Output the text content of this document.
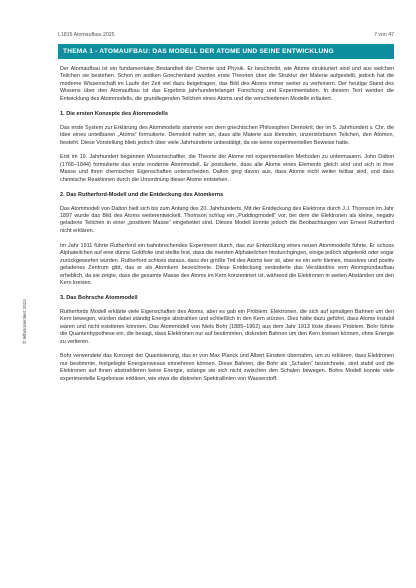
L1815 Atomaufbau 2025	7 von 47
THEMA 1 - ATOMAUFBAU: DAS MODELL DER ATOME UND SEINE ENTWICKLUNG
© lelbstorientiert 2024

Der Atomaufbau ist ein fundamentaler Bestandteil der Chemie und Physik. Er beschreibt, wie Atome strukturiert sind und aus welchen Teilchen sie bestehen. Schon im antiken Griechenland wurden erste Theorien über die Struktur der Materie aufgestellt, jedoch hat die moderne Wissenschaft im Laufe der Zeit viel dazu beigetragen, das Bild des Atoms immer weiter zu verfeinern. Der heutige Stand des Wissens über den Atomaufbau ist das Ergebnis jahrhundertelanger Forschung und Experimentation. In diesem Text werden die Entwicklung des Atommodells, die grundlegenden Teilchen eines Atoms und die verschiedenen Modelle erläutert.

1. Die ersten Konzepte des Atommodells

Das erste System zur Erklärung des Atommodells stammte von dem griechischen Philosophen Demokrit, der im 5. Jahrhundert v. Chr. die Idee eines unteilbaren „Atoms“ formulierte. Demokrit nahm an, dass alle Materie aus kleinsten, unzerstörbaren Teilchen, den Atomen, besteht. Diese Vorstellung blieb jedoch über viele Jahrhunderte unbestätigt, da sie keine experimentellen Beweise hatte.

Erst im 19. Jahrhundert begannen Wissenschaftler, die Theorie der Atome mit experimentellen Methoden zu untermauern. John Dalton (1766–1844) formulierte das erste moderne Atommodell. Er postulierte, dass alle Atome eines Elements gleich sind und sich in ihrer Masse und ihren chemischen Eigenschaften unterscheiden. Dalton ging davon aus, dass Atome nicht weiter teilbar sind, und dass chemische Reaktionen durch die Umordnung dieser Atome entstehen.

2. Das Rutherford-Modell und die Entdeckung des Atomkerns

Das Atommodell von Dalton hielt sich bis zum Anfang des 20. Jahrhunderts. Mit der Entdeckung des Elektrons durch J.J. Thomson im Jahr 1897 wurde das Bild des Atoms weiterentwickelt. Thomson schlug ein „Puddingmodell“ vor, bei dem die Elektronen als kleine, negativ geladene Teilchen in einer „positiven Masse“ eingebettet sind. Dieses Modell konnte jedoch die Beobachtungen von Ernest Rutherford nicht erklären.

Im Jahr 1911 führte Rutherford ein bahnbrechendes Experiment durch, das zur Entwicklung eines neuen Atommodells führte. Er schoss Alphateilchen auf eine dünne Goldfolie und stellte fest, dass die meisten Alphateilchen hindurchgingen, einige jedoch abgelenkt oder sogar zurückgeworfen wurden. Rutherford schloss daraus, dass der größte Teil des Atoms leer ist, aber es ein sehr kleines, massives und positiv geladenes Zentrum gibt, das er als Atomkern bezeichnete. Diese Entdeckung veränderte das Verständnis vom Atomgrundaufbau erheblich, da sie zeigte, dass die gesamte Masse des Atoms im Kern konzentriert ist, während die Elektronen in weiten Abständen um den Kern kreisen.

3. Das Bohrsche Atommodell

Rutherfords Modell erklärte viele Eigenschaften des Atoms, aber es gab ein Problem: Elektronen, die sich auf spiraligen Bahnen um den Kern bewegen, würden dabei ständig Energie abstrahlen und schließlich in den Kern stürzen. Dies hätte dazu geführt, dass Atome instabil wären und nicht existieren könnten. Das Atommodell von Niels Bohr (1885–1962) aus dem Jahr 1913 löste dieses Problem. Bohr führte die Quantenhypothese ein, die besagt, dass Elektronen nur auf bestimmten, diskreten Bahnen um den Kern kreisen können, ohne Energie zu verlieren.

Bohr verwendete das Konzept der Quantisierung, das er von Max Planck und Albert Einstein übernahm, um zu erklären, dass Elektronen nur bestimmte, festgelegte Energieniveaus einnehmen können. Diese Bahnen, die Bohr als „Schalen“ bezeichnete, sind stabil und die Elektronen auf ihnen abstrahlieren keine Energie, solange sie sich nicht zwischen den Schalen bewegen. Bohrs Modell konnte viele experimentelle Ergebnisse erklären, wie etwa die diskreten Spektrallinien von Wasserstoff.
